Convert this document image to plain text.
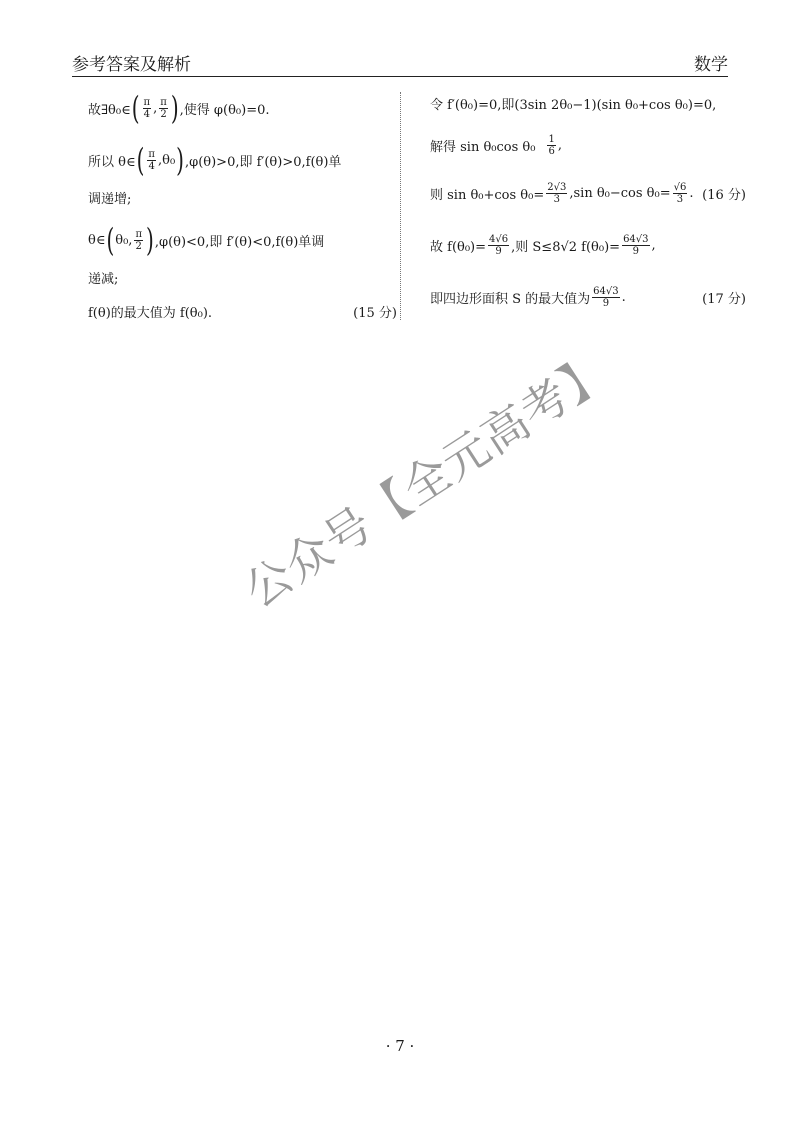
参考答案及解析	数学
故∃θ₀∈ ( $\frac{\pi}{4}$ , $\frac{\pi}{2}$ ) ,使得 φ(θ₀)=0.
所以 θ∈ ( $\frac{\pi}{4} ,\theta_0$ ) ,φ(θ)>0,即 f′(θ)>0,f(θ)单
调递增;
θ∈ ( θ₀, $\frac{\pi}{2}$ ) ,φ(θ)<0,即 f′(θ)<0,f(θ)单调
递减;
f(θ)的最大值为 f(θ₀).	(15 分)
令 f′(θ₀)=0,即(3sin 2θ₀−1)(sin θ₀+cos θ₀)=0,
解得 sin θ₀cos $\theta_0 \frac{1}{6}$ ,
则 sin θ₀+cos $\theta_0= \frac{2√3}{3} ,\sin$ θ₀−cos $\theta_0= \frac{√6}{3}$ . (16 分)
故 $f(\theta_0)= \frac{4√6}{9}$ ,则 S≤8√2 $f(\theta_0)= \frac{64√3}{9}$ ,
即四边形面积 S 的最大值为 $\frac{64√3}{9}$ .	(17 分)
公众号【全元高考】
· 7 ·
